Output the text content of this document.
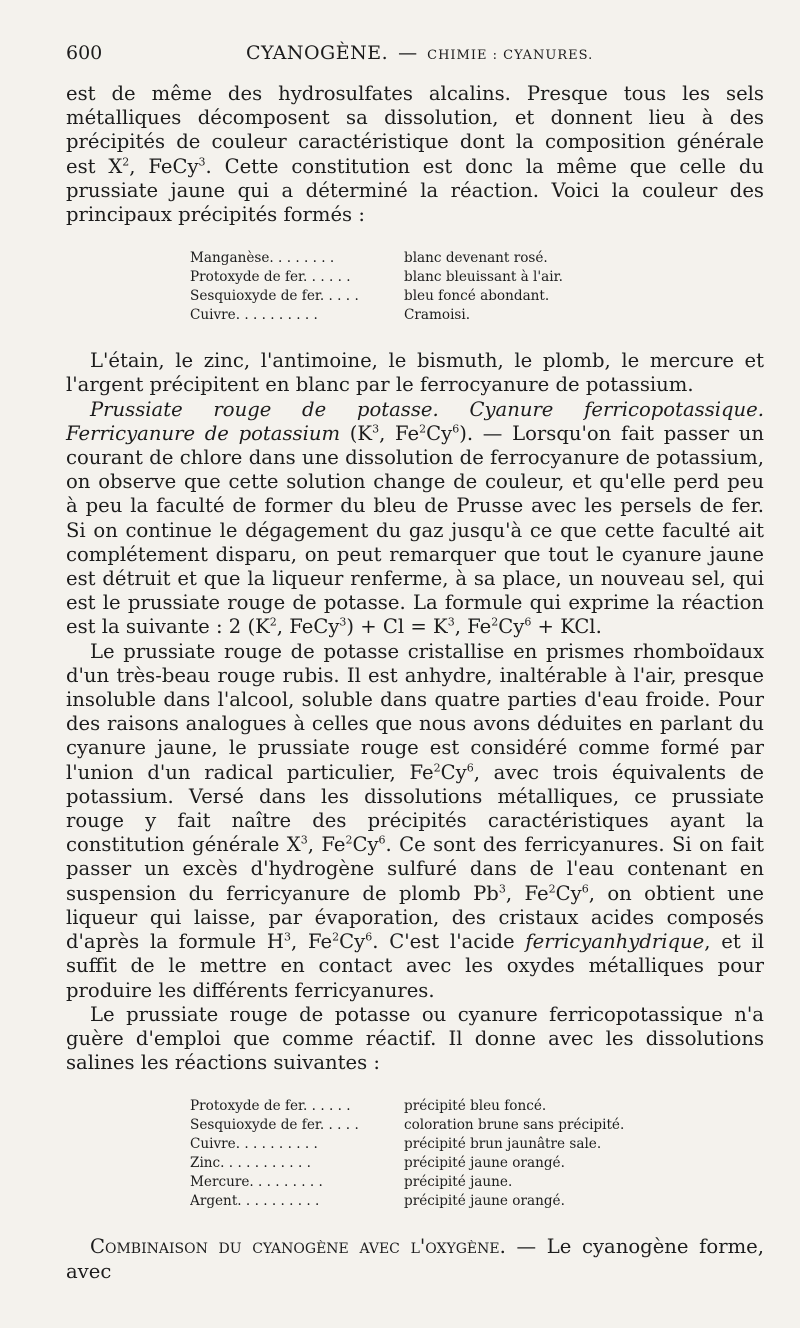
600	CYANOGÈNE. — CHIMIE : CYANURES.

est de même des hydrosulfates alcalins. Presque tous les sels métalliques décomposent sa dissolution, et donnent lieu à des précipités de couleur caractéristique dont la composition générale est $X^2$, FeCy$^3$. Cette constitution est donc la même que celle du prussiate jaune qui a déterminé la réaction. Voici la couleur des principaux précipités formés :

Manganèse. . . . . . . .	blanc devenant rosé.
Protoxyde de fer. . . . . .	blanc bleuissant à l'air.
Sesquioxyde de fer. . . . .	bleu foncé abondant.
Cuivre. . . . . . . . . .	Cramoisi.

L'étain, le zinc, l'antimoine, le bismuth, le plomb, le mercure et l'argent précipitent en blanc par le ferrocyanure de potassium.

Prussiate rouge de potasse. Cyanure ferricopotassique. Ferricyanure de potassium ($K^3$, Fe$^2$Cy$^6$). — Lorsqu'on fait passer un courant de chlore dans une dissolution de ferrocyanure de potassium, on observe que cette solution change de couleur, et qu'elle perd peu à peu la faculté de former du bleu de Prusse avec les persels de fer. Si on continue le dégagement du gaz jusqu'à ce que cette faculté ait complétement disparu, on peut remarquer que tout le cyanure jaune est détruit et que la liqueur renferme, à sa place, un nouveau sel, qui est le prussiate rouge de potasse. La formule qui exprime la réaction est la suivante : 2 ($K^2$, FeCy$^3$) + $Cl = K^3$, $Fe^2Cy^6$ + KCl.

Le prussiate rouge de potasse cristallise en prismes rhomboïdaux d'un très-beau rouge rubis. Il est anhydre, inaltérable à l'air, presque insoluble dans l'alcool, soluble dans quatre parties d'eau froide. Pour des raisons analogues à celles que nous avons déduites en parlant du cyanure jaune, le prussiate rouge est considéré comme formé par l'union d'un radical particulier, Fe$^2$Cy$^6$, avec trois équivalents de potassium. Versé dans les dissolutions métalliques, ce prussiate rouge y fait naître des précipités caractéristiques ayant la constitution générale $X^3$, Fe$^2$Cy$^6$. Ce sont des ferricyanures. Si on fait passer un excès d'hydrogène sulfuré dans de l'eau contenant en suspension du ferricyanure de plomb Pb$^3$, Fe$^2$Cy$^6$, on obtient une liqueur qui laisse, par évaporation, des cristaux acides composés d'après la formule $H^3$, Fe$^2$Cy$^6$. C'est l'acide ferricyanhydrique, et il suffit de le mettre en contact avec les oxydes métalliques pour produire les différents ferricyanures.

Le prussiate rouge de potasse ou cyanure ferricopotassique n'a guère d'emploi que comme réactif. Il donne avec les dissolutions salines les réactions suivantes :

Protoxyde de fer. . . . . .	précipité bleu foncé.
Sesquioxyde de fer. . . . .	coloration brune sans précipité.
Cuivre. . . . . . . . . .	précipité brun jaunâtre sale.
Zinc. . . . . . . . . . .	précipité jaune orangé.
Mercure. . . . . . . . .	précipité jaune.
Argent. . . . . . . . . .	précipité jaune orangé.

Combinaison du cyanogène avec l'oxygène. — Le cyanogène forme, avec
